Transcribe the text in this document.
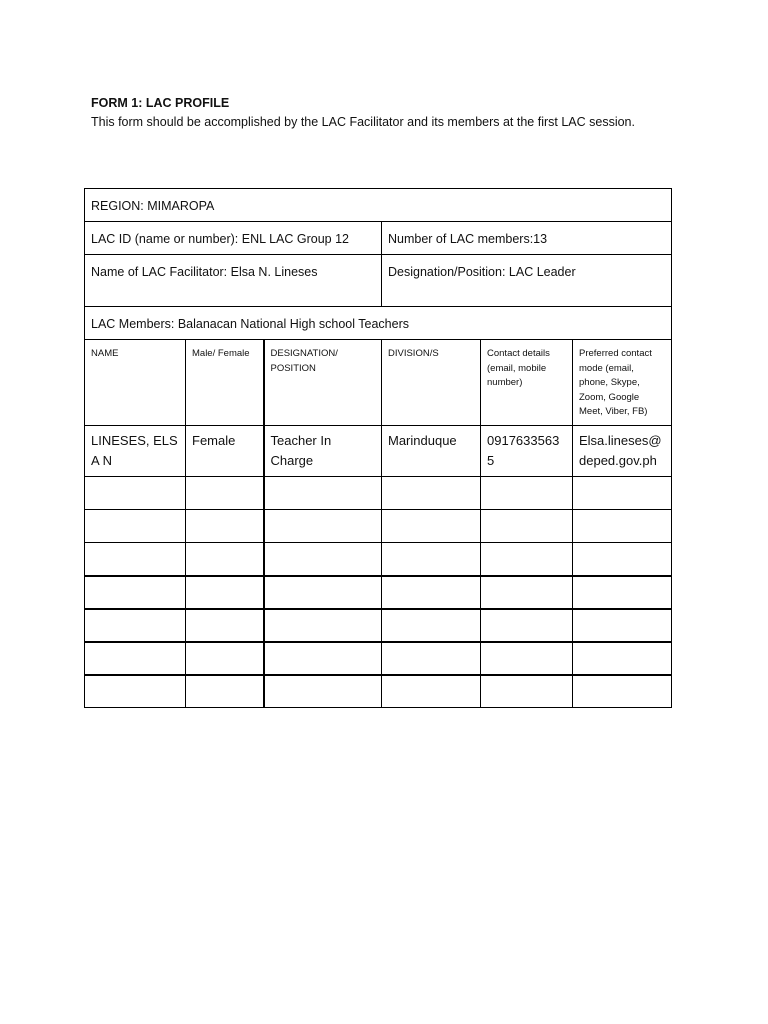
FORM 1: LAC PROFILE
This form should be accomplished by the LAC Facilitator and its members at the first LAC session.
REGION: MIMAROPA					
LAC ID (name or number): ENL LAC Group 12			Number of LAC members:13		
Name of LAC Facilitator: Elsa N. Lineses			Designation/Position: LAC Leader		
LAC Members: Balanacan National High school Teachers					
NAME	Male/ Female	DESIGNATION/ POSITION	DIVISION/S	Contact details (email, mobile number)	Preferred contact mode (email, phone, Skype, Zoom, Google Meet, Viber, FB)
LINESES, ELSA N	Female	Teacher In Charge	Marinduque	09176335635	Elsa.lineses@deped.gov.ph
